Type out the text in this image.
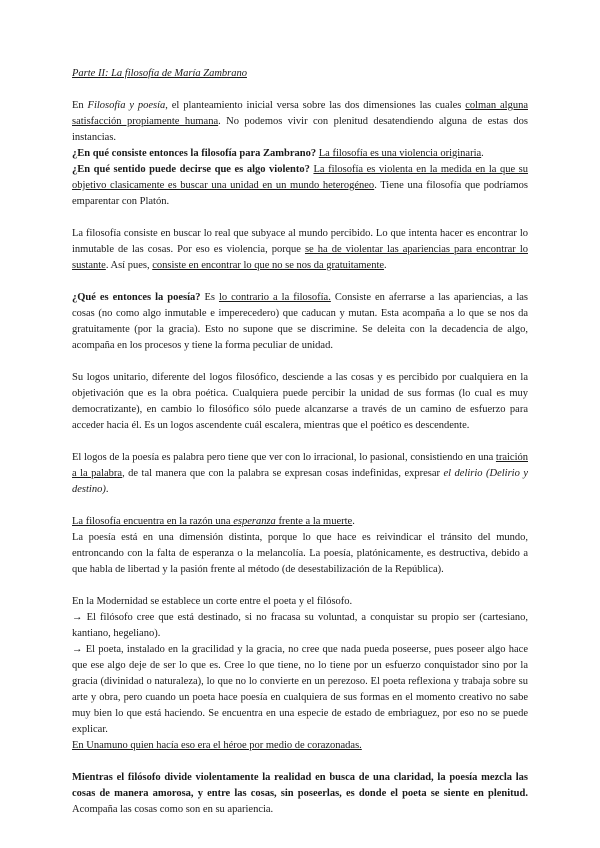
Parte II: La filosofía de María Zambrano

En Filosofía y poesía, el planteamiento inicial versa sobre las dos dimensiones las cuales colman alguna satisfacción propiamente humana. No podemos vivir con plenitud desatendiendo alguna de estas dos instancias.

¿En qué consiste entonces la filosofía para Zambrano? La filosofía es una violencia originaria.

¿En qué sentido puede decirse que es algo violento? La filosofía es violenta en la medida en la que su objetivo clasicamente es buscar una unidad en un mundo heterogéneo. Tiene una filosofía que podríamos emparentar con Platón.

La filosofía consiste en buscar lo real que subyace al mundo percibido. Lo que intenta hacer es encontrar lo inmutable de las cosas. Por eso es violencia, porque se ha de violentar las apariencias para encontrar lo sustante. Así pues, consiste en encontrar lo que no se nos da gratuitamente.

¿Qué es entonces la poesía? Es lo contrario a la filosofía. Consiste en aferrarse a las apariencias, a las cosas (no como algo inmutable e imperecedero) que caducan y mutan. Esta acompaña a lo que se nos da gratuitamente (por la gracia). Esto no supone que se discrimine. Se deleita con la decadencia de algo, acompaña en los procesos y tiene la forma peculiar de unidad.

Su logos unitario, diferente del logos filosófico, desciende a las cosas y es percibido por cualquiera en la objetivación que es la obra poética. Cualquiera puede percibir la unidad de sus formas (lo cual es muy democratizante), en cambio lo filosófico sólo puede alcanzarse a través de un camino de esfuerzo para acceder hacia él. Es un logos ascendente cuál escalera, mientras que el poético es descendente.

El logos de la poesía es palabra pero tiene que ver con lo irracional, lo pasional, consistiendo en una traición a la palabra, de tal manera que con la palabra se expresan cosas indefinidas, expresar el delirio (Delirio y destino).

La filosofía encuentra en la razón una esperanza frente a la muerte.

La poesía está en una dimensión distinta, porque lo que hace es reivindicar el tránsito del mundo, entroncando con la falta de esperanza o la melancolía. La poesía, platónicamente, es destructiva, debido a que habla de libertad y la pasión frente al método (de desestabilización de la República).

En la Modernidad se establece un corte entre el poeta y el filósofo.

→ El filósofo cree que está destinado, si no fracasa su voluntad, a conquistar su propio ser (cartesiano, kantiano, hegeliano).

→ El poeta, instalado en la gracilidad y la gracia, no cree que nada pueda poseerse, pues poseer algo hace que ese algo deje de ser lo que es. Cree lo que tiene, no lo tiene por un esfuerzo conquistador sino por la gracia (divinidad o naturaleza), lo que no lo convierte en un perezoso. El poeta reflexiona y trabaja sobre su arte y obra, pero cuando un poeta hace poesía en cualquiera de sus formas en el momento creativo no sabe muy bien lo que está haciendo. Se encuentra en una especie de estado de embriaguez, por eso no se puede explicar.

En Unamuno quien hacía eso era el héroe por medio de corazonadas.

Mientras el filósofo divide violentamente la realidad en busca de una claridad, la poesía mezcla las cosas de manera amorosa, y entre las cosas, sin poseerlas, es donde el poeta se siente en plenitud. Acompaña las cosas como son en su apariencia.
